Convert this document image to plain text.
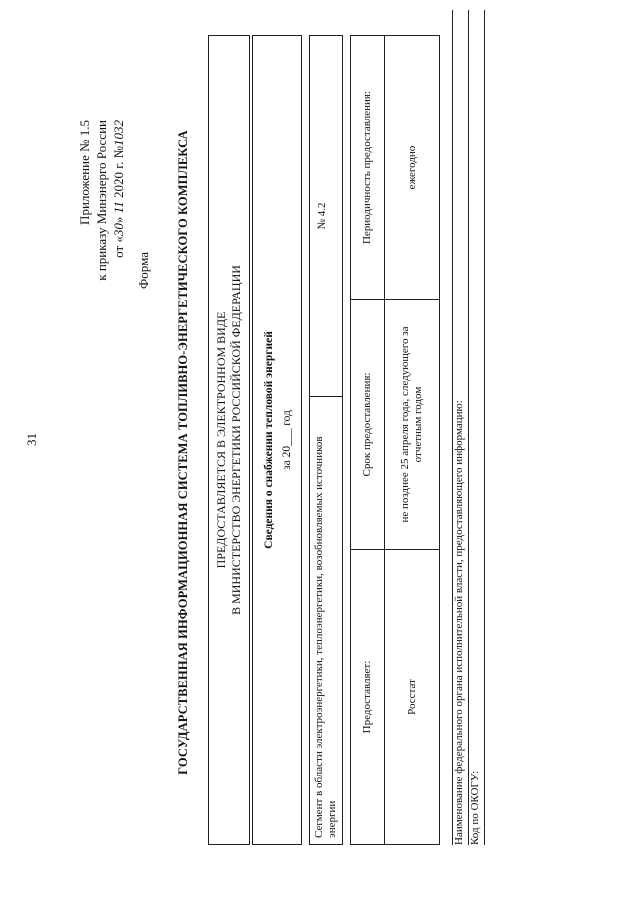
31
Приложение № 1.5 к приказу Минэнерго России от «30» 11 2020 г. №1032
Форма ГОСУДАРСТВЕННАЯ ИНФОРМАЦИОННАЯ СИСТЕМА ТОПЛИВНО-ЭНЕРГЕТИЧЕСКОГО КОМПЛЕКСА ПРЕДОСТАВЛЯЕТСЯ В ЭЛЕКТРОННОМ ВИДЕ В МИНИСТЕРСТВО ЭНЕРГЕТИКИ РОССИЙСКОЙ ФЕДЕРАЦИИ Сведения о снабжении тепловой энергией за 20___ год Сегмент в области электроэнергетики, теплоэнергетики, возобновляемых источников энергии
№ 4.2
Предоставляет:
Срок предоставления:
Периодичность предоставления:
Росстат
не позднее 25 апреля года, следующего за отчетным годом
ежегодно
Наименование федерального органа исполнительной власти, предоставляющего информацию: Код по ОКОГУ:
